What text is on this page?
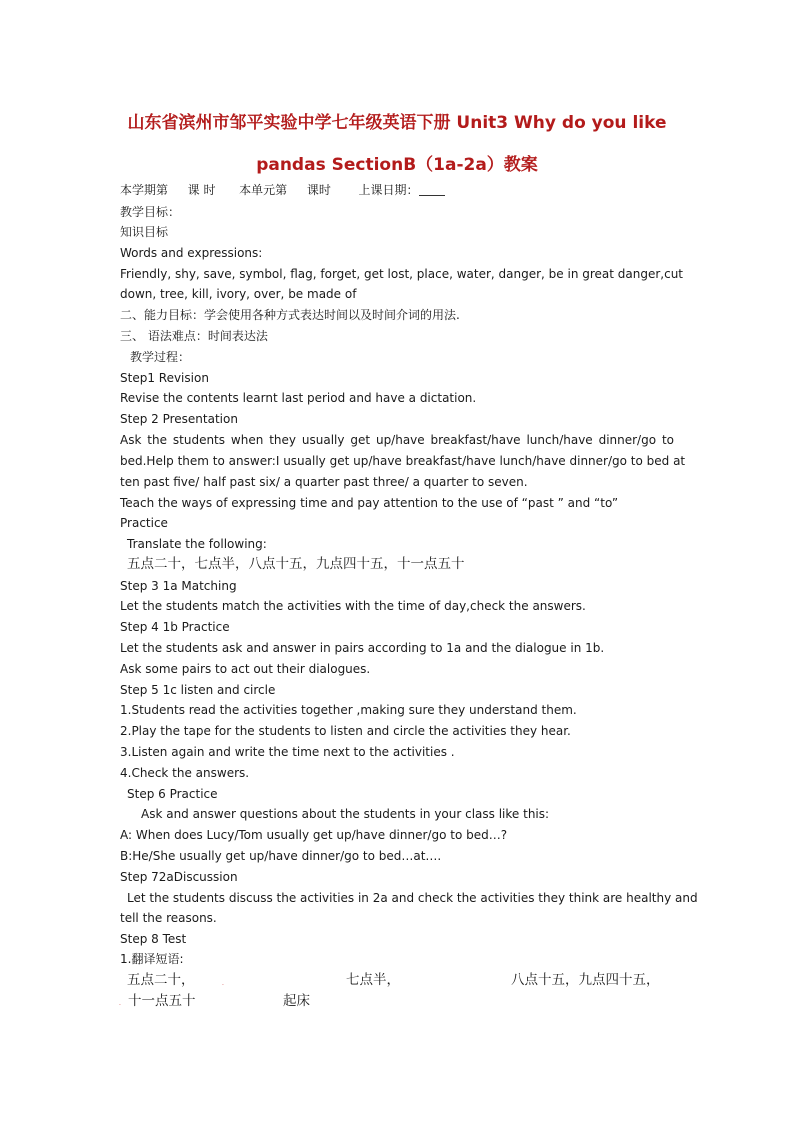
山东省滨州市邹平实验中学七年级英语下册 Unit3 Why do you like
pandas SectionB（1a-2a）教案
本学期第 课 时 本单元第 课时 上课日期：
教学目标：
知识目标
Words and expressions:
Friendly, shy, save, symbol, flag, forget, get lost, place, water, danger, be in great danger,cut
down, tree, kill, ivory, over, be made of
二、能力目标：学会使用各种方式表达时间以及时间介词的用法.
三、 语法难点：时间表达法
教学过程：
Step1 Revision
Revise the contents learnt last period and have a dictation.
Step 2 Presentation
Ask the students when they usually get up/have breakfast/have lunch/have dinner/go to
bed.Help them to answer:I usually get up/have breakfast/have lunch/have dinner/go to bed at
ten past five/ half past six/ a quarter past three/ a quarter to seven.
Teach the ways of expressing time and pay attention to the use of “past ” and “to”
Practice
Translate the following:
五点二十，七点半，八点十五，九点四十五，十一点五十
Step 3 1a Matching
Let the students match the activities with the time of day,check the answers.
Step 4 1b Practice
Let the students ask and answer in pairs according to 1a and the dialogue in 1b.
Ask some pairs to act out their dialogues.
Step 5 1c listen and circle
1.Students read the activities together ,making sure they understand them.
2.Play the tape for the students to listen and circle the activities they hear.
3.Listen again and write the time next to the activities .
4.Check the answers.
Step 6 Practice
Ask and answer questions about the students in your class like this:
A: When does Lucy/Tom usually get up/have dinner/go to bed…?
B:He/She usually get up/have dinner/go to bed…at….
Step 72aDiscussion
Let the students discuss the activities in 2a and check the activities they think are healthy and
tell the reasons.
Step 8 Test
1.翻译短语:
五点二十，	.	七点半，	八点十五，九点四十五，
. 十一点五十	起床
